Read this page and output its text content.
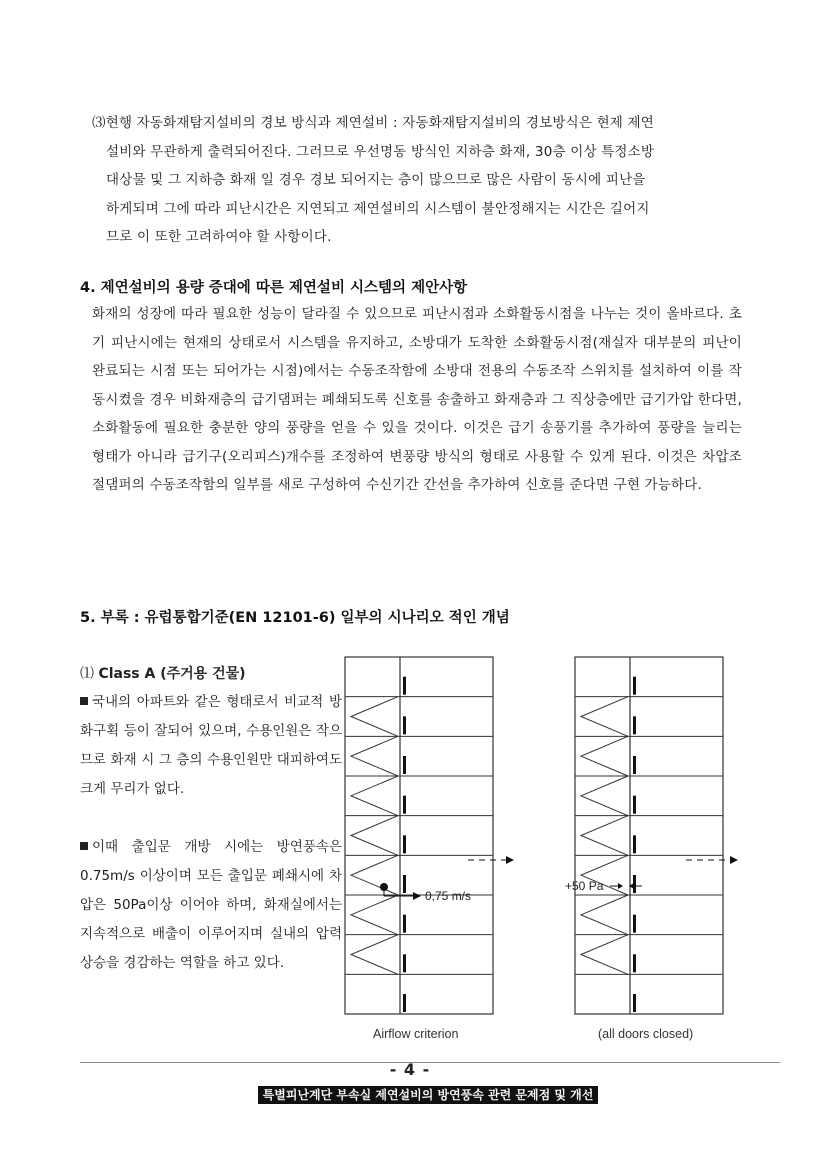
⑶현행 자동화재탐지설비의 경보 방식과 제연설비 : 자동화재탐지설비의 경보방식은 현제 제연

설비와 무관하게 출력되어진다. 그러므로 우선명동 방식인 지하층 화재, 30층 이상 특정소방

대상물 및 그 지하층 화재 일 경우 경보 되어지는 층이 많으므로 많은 사람이 동시에 피난을

하게되며 그에 따라 피난시간은 지연되고 제연설비의 시스템이 불안정해지는 시간은 길어지

므로 이 또한 고려하여야 할 사항이다.

4. 제연설비의 용량 증대에 따른 제연설비 시스템의 제안사항
화재의 성장에 따라 필요한 성능이 달라질 수 있으므로 피난시점과 소화활동시점을 나누는 것이 올바르다. 초기 피난시에는 현재의 상태로서 시스템을 유지하고, 소방대가 도착한 소화활동시점(재실자 대부분의 피난이 완료되는 시점 또는 되어가는 시점)에서는 수동조작함에 소방대 전용의 수동조작 스위치를 설치하여 이를 작동시켰을 경우 비화재층의 급기댐퍼는 폐쇄되도록 신호를 송출하고 화재층과 그 직상층에만 급기가압 한다면, 소화활동에 필요한 충분한 양의 풍량을 얻을 수 있을 것이다. 이것은 급기 송풍기를 추가하여 풍량을 늘리는 형태가 아니라 급기구(오리피스)개수를 조정하여 변풍량 방식의 형태로 사용할 수 있게 된다. 이것은 차압조절댐퍼의 수동조작함의 일부를 새로 구성하여 수신기간 간선을 추가하여 신호를 준다면 구현 가능하다.
5. 부록 : 유럽통합기준(EN 12101-6) 일부의 시나리오 적인 개념
⑴ Class A (주거용 건물)
국내의 아파트와 같은 형태로서 비교적 방화구획 등이 잘되어 있으며, 수용인원은 작으므로 화재 시 그 층의 수용인원만 대피하여도 크게 무리가 없다.
이때 출입문 개방 시에는 방연풍속은 0.75m/s 이상이며 모든 출입문 폐쇄시에 차압은 50Pa이상 이어야 하며, 화재실에서는 지속적으로 배출이 이루어지며 실내의 압력상승을 경감하는 역할을 하고 있다.
0,75 m/s
+50 Pa
Airflow criterion	(all doors closed)
- 4 -
특별피난계단 부속실 제연설비의 방연풍속 관련 문제점 및 개선안
